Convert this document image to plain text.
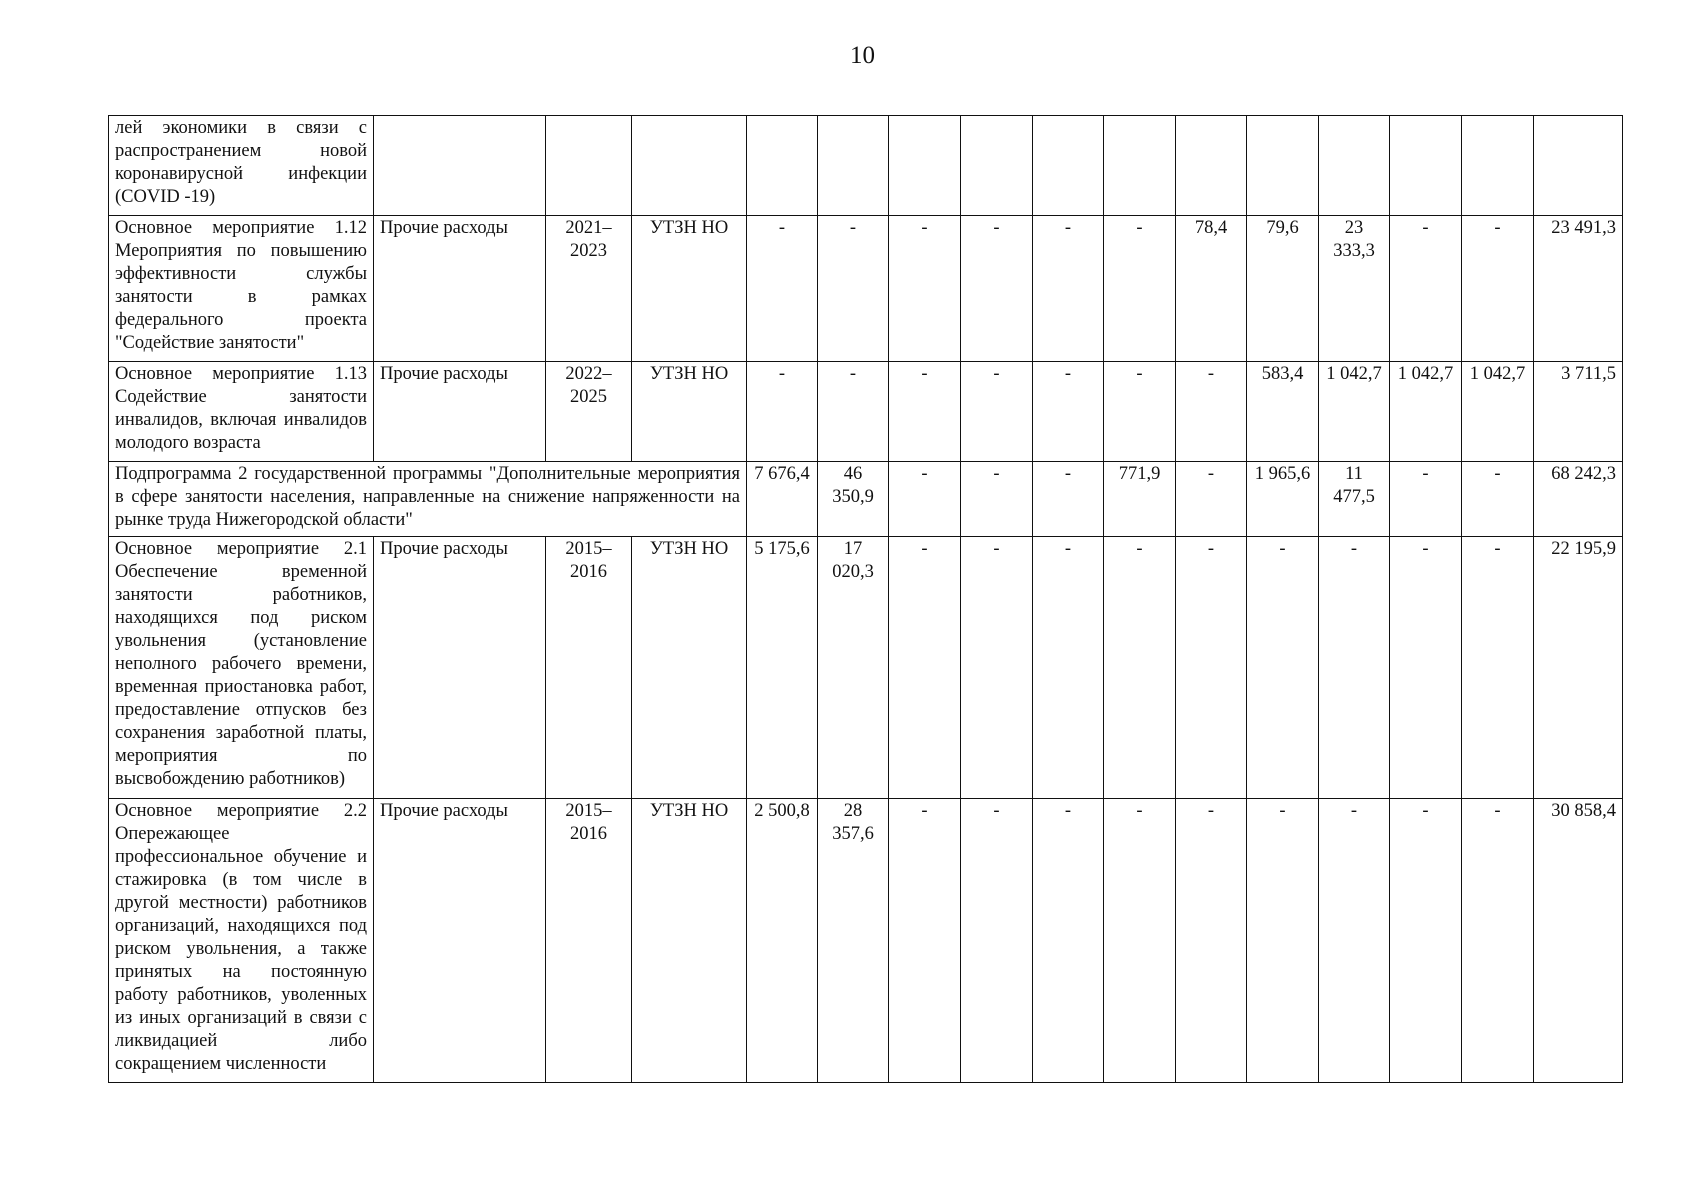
10
лей экономики в связи с распространением новой коронавирусной инфекции (COVID -19)															
Основное мероприятие 1.12 Мероприятия по повышению эффективности службы занятости в рамках федерального проекта "Содействие занятости"	Прочие расходы	2021–2023	УТЗН НО	-	-	-	-	-	-	78,4	79,6	23 333,3	-	-	23 491,3
Основное мероприятие 1.13 Содействие занятости инвалидов, включая инвалидов молодого возраста	Прочие расходы	2022–2025	УТЗН НО	-	-	-	-	-	-	-	583,4	1 042,7	1 042,7	1 042,7	3 711,5
Подпрограмма 2 государственной программы "Дополнительные мероприятия в сфере занятости населения, направленные на снижение напряженности на рынке труда Нижегородской области"				7 676,4	46 350,9	-	-	-	771,9	-	1 965,6	11 477,5	-	-	68 242,3
Основное мероприятие 2.1 Обеспечение временной занятости работников, находящихся под риском увольнения (установление неполного рабочего времени, временная приостановка работ, предоставление отпусков без сохранения заработной платы, мероприятия по высвобождению работников)	Прочие расходы	2015–2016	УТЗН НО	5 175,6	17 020,3	-	-	-	-	-	-	-	-	-	22 195,9
Основное мероприятие 2.2 Опережающее профессиональное обучение и стажировка (в том числе в другой местности) работников организаций, находящихся под риском увольнения, а также принятых на постоянную работу работников, уволенных из иных организаций в связи с ликвидацией либо сокращением численности	Прочие расходы	2015–2016	УТЗН НО	2 500,8	28 357,6	-	-	-	-	-	-	-	-	-	30 858,4
